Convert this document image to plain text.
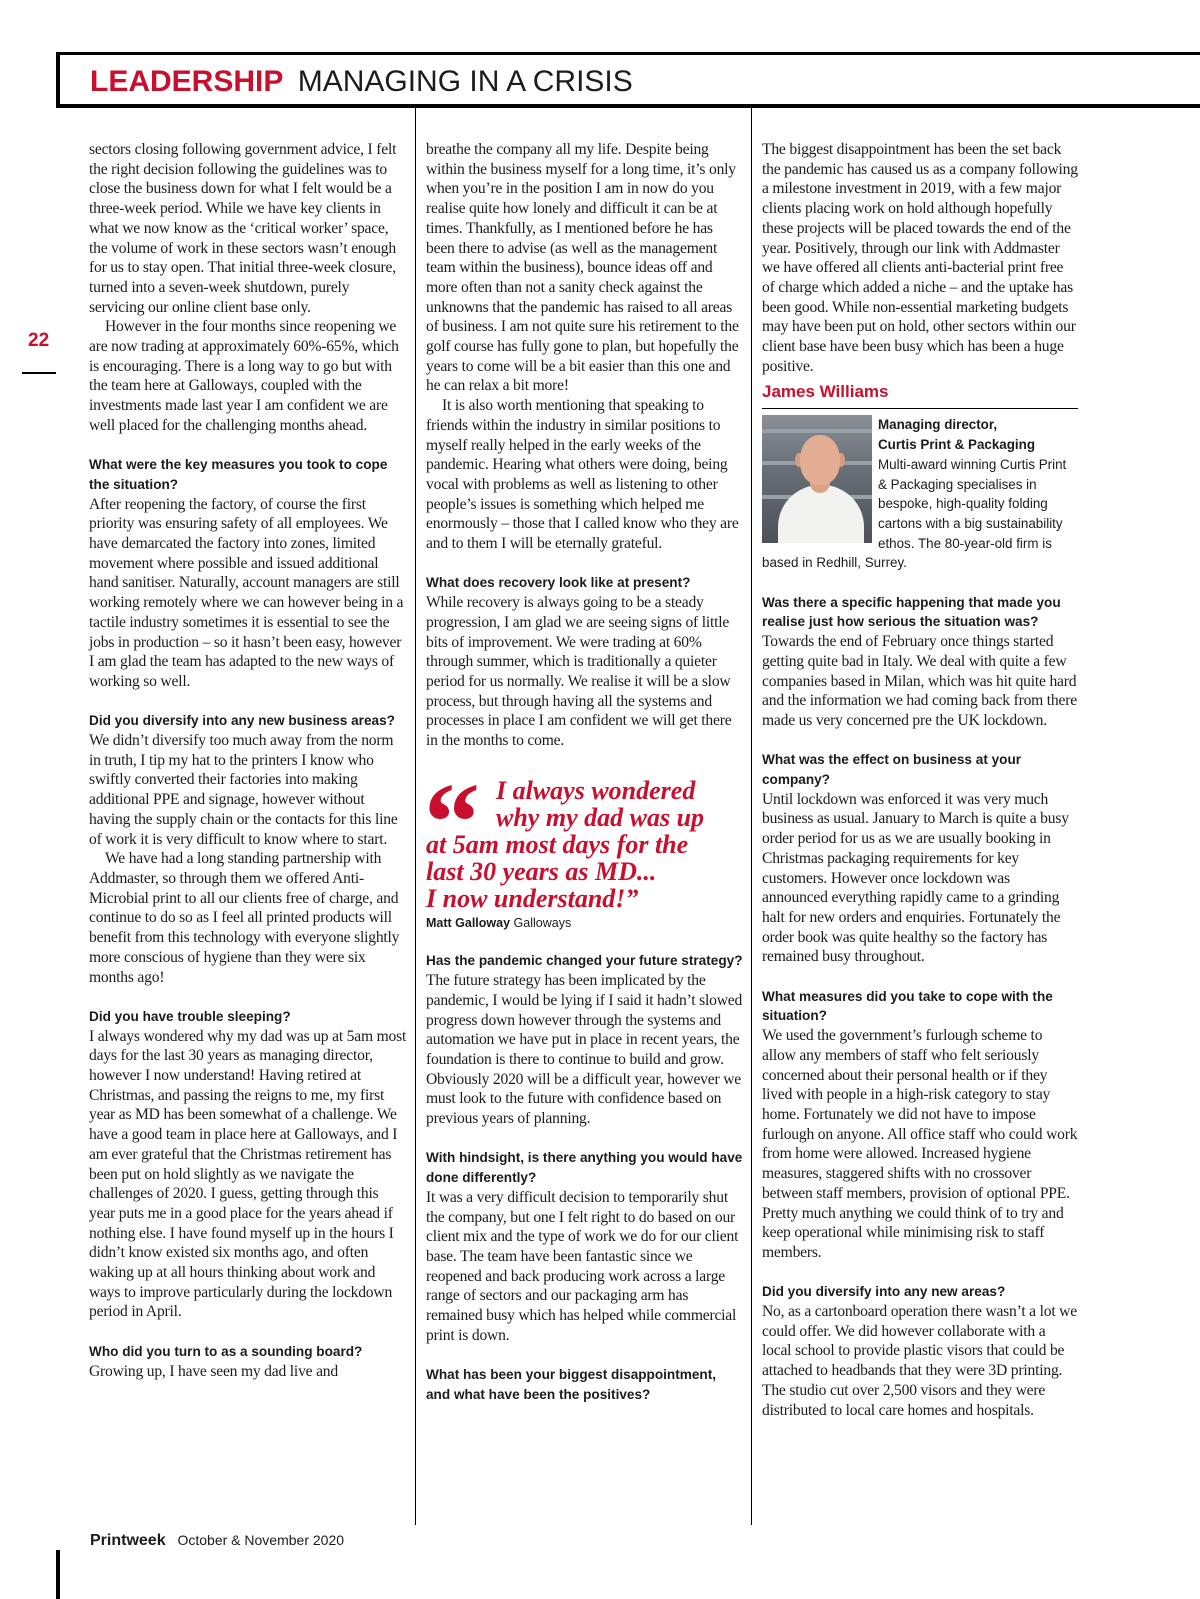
LEADERSHIP MANAGING IN A CRISIS
22

sectors closing following government advice, I felt the right decision following the guidelines was to close the business down for what I felt would be a three-week period. While we have key clients in what we now know as the ‘critical worker’ space, the volume of work in these sectors wasn’t enough for us to stay open. That initial three-week closure, turned into a seven-week shutdown, purely servicing our online client base only.

However in the four months since reopening we are now trading at approximately 60%-65%, which is encouraging. There is a long way to go but with the team here at Galloways, coupled with the investments made last year I am confident we are well placed for the challenging months ahead.

What were the key measures you took to cope the situation?

After reopening the factory, of course the first priority was ensuring safety of all employees. We have demarcated the factory into zones, limited movement where possible and issued additional hand sanitiser. Naturally, account managers are still working remotely where we can however being in a tactile industry sometimes it is essential to see the jobs in production – so it hasn’t been easy, however I am glad the team has adapted to the new ways of working so well.

Did you diversify into any new business areas?

We didn’t diversify too much away from the norm in truth, I tip my hat to the printers I know who swiftly converted their factories into making additional PPE and signage, however without having the supply chain or the contacts for this line of work it is very difficult to know where to start.

We have had a long standing partnership with Addmaster, so through them we offered Anti-Microbial print to all our clients free of charge, and continue to do so as I feel all printed products will benefit from this technology with everyone slightly more conscious of hygiene than they were six months ago!

Did you have trouble sleeping?

I always wondered why my dad was up at 5am most days for the last 30 years as managing director, however I now understand! Having retired at Christmas, and passing the reigns to me, my first year as MD has been somewhat of a challenge. We have a good team in place here at Galloways, and I am ever grateful that the Christmas retirement has been put on hold slightly as we navigate the challenges of 2020. I guess, getting through this year puts me in a good place for the years ahead if nothing else. I have found myself up in the hours I didn’t know existed six months ago, and often waking up at all hours thinking about work and ways to improve particularly during the lockdown period in April.

Who did you turn to as a sounding board?

Growing up, I have seen my dad live and

breathe the company all my life. Despite being within the business myself for a long time, it’s only when you’re in the position I am in now do you realise quite how lonely and difficult it can be at times. Thankfully, as I mentioned before he has been there to advise (as well as the management team within the business), bounce ideas off and more often than not a sanity check against the unknowns that the pandemic has raised to all areas of business. I am not quite sure his retirement to the golf course has fully gone to plan, but hopefully the years to come will be a bit easier than this one and he can relax a bit more!

It is also worth mentioning that speaking to friends within the industry in similar positions to myself really helped in the early weeks of the pandemic. Hearing what others were doing, being vocal with problems as well as listening to other people’s issues is something which helped me enormously – those that I called know who they are and to them I will be eternally grateful.

What does recovery look like at present?

While recovery is always going to be a steady progression, I am glad we are seeing signs of little bits of improvement. We were trading at 60% through summer, which is traditionally a quieter period for us normally. We realise it will be a slow process, but through having all the systems and processes in place I am confident we will get there in the months to come.

“ I always wondered
why my dad was up
at 5am most days for the
last 30 years as MD...
I now understand!”
Matt Galloway Galloways
Has the pandemic changed your future strategy?

The future strategy has been implicated by the pandemic, I would be lying if I said it hadn’t slowed progress down however through the systems and automation we have put in place in recent years, the foundation is there to continue to build and grow. Obviously 2020 will be a difficult year, however we must look to the future with confidence based on previous years of planning.

With hindsight, is there anything you would have done differently?

It was a very difficult decision to temporarily shut the company, but one I felt right to do based on our client mix and the type of work we do for our client base. The team have been fantastic since we reopened and back producing work across a large range of sectors and our packaging arm has remained busy which has helped while commercial print is down.

What has been your biggest disappointment, and what have been the positives?

The biggest disappointment has been the set back the pandemic has caused us as a company following a milestone investment in 2019, with a few major clients placing work on hold although hopefully these projects will be placed towards the end of the year. Positively, through our link with Addmaster we have offered all clients anti-bacterial print free of charge which added a niche – and the uptake has been good. While non-essential marketing budgets may have been put on hold, other sectors within our client base have been busy which has been a huge positive.

James Williams
Managing director,
Curtis Print & Packaging
Multi-award winning Curtis Print & Packaging specialises in bespoke, high-quality folding cartons with a big sustainability ethos. The 80-year-old firm is based in Redhill, Surrey.
Was there a specific happening that made you realise just how serious the situation was?

Towards the end of February once things started getting quite bad in Italy. We deal with quite a few companies based in Milan, which was hit quite hard and the information we had coming back from there made us very concerned pre the UK lockdown.

What was the effect on business at your company?

Until lockdown was enforced it was very much business as usual. January to March is quite a busy order period for us as we are usually booking in Christmas packaging requirements for key customers. However once lockdown was announced everything rapidly came to a grinding halt for new orders and enquiries. Fortunately the order book was quite healthy so the factory has remained busy throughout.

What measures did you take to cope with the situation?

We used the government’s furlough scheme to allow any members of staff who felt seriously concerned about their personal health or if they lived with people in a high-risk category to stay home. Fortunately we did not have to impose furlough on anyone. All office staff who could work from home were allowed. Increased hygiene measures, staggered shifts with no crossover between staff members, provision of optional PPE. Pretty much anything we could think of to try and keep operational while minimising risk to staff members.

Did you diversify into any new areas?

No, as a cartonboard operation there wasn’t a lot we could offer. We did however collaborate with a local school to provide plastic visors that could be attached to headbands that they were 3D printing. The studio cut over 2,500 visors and they were distributed to local care homes and hospitals.

Printweek October & November 2020
